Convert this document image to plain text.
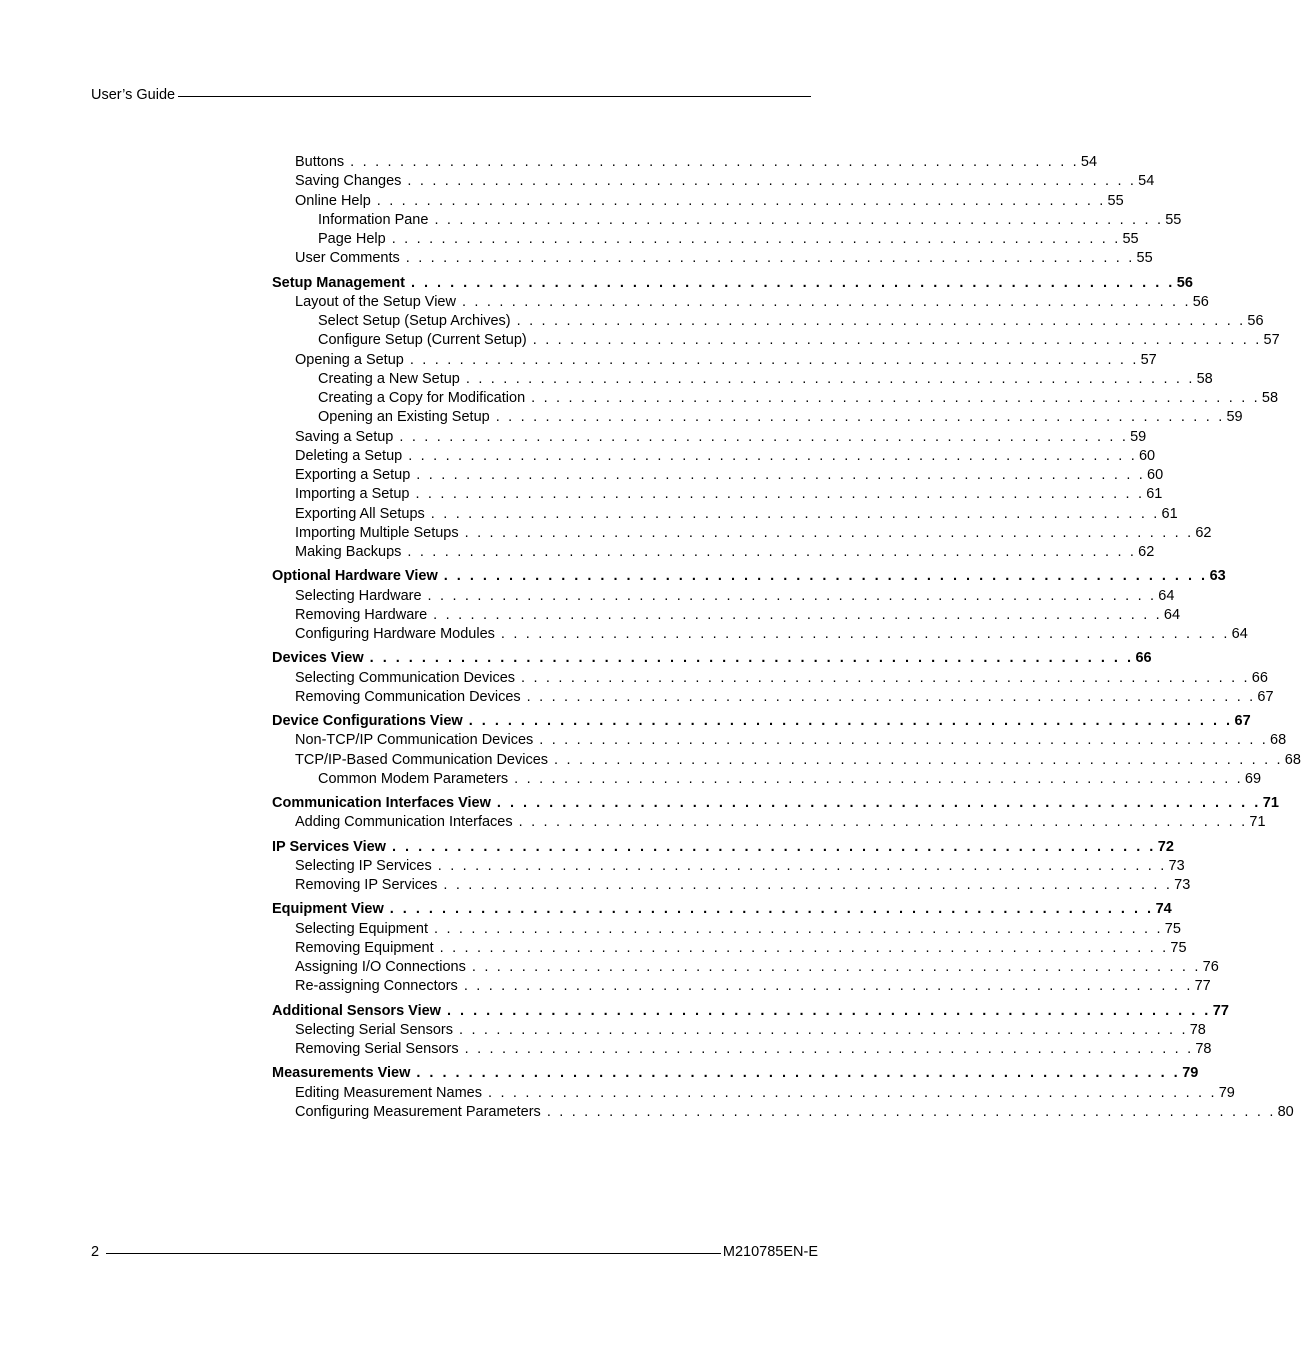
User’s Guide
Buttons . . . . . . . . . . . . . . . . . . . . . . . . . . . . . . . . . . . . . . . . . . . . . . . . . . . . . . . . . . . 54
Saving Changes . . . . . . . . . . . . . . . . . . . . . . . . . . . . . . . . . . . . . . . . . . . . . . . . . . . . . . . . . . . 54
Online Help . . . . . . . . . . . . . . . . . . . . . . . . . . . . . . . . . . . . . . . . . . . . . . . . . . . . . . . . . . . 55
Information Pane . . . . . . . . . . . . . . . . . . . . . . . . . . . . . . . . . . . . . . . . . . . . . . . . . . . . . . . . . . . 55
Page Help . . . . . . . . . . . . . . . . . . . . . . . . . . . . . . . . . . . . . . . . . . . . . . . . . . . . . . . . . . . 55
User Comments . . . . . . . . . . . . . . . . . . . . . . . . . . . . . . . . . . . . . . . . . . . . . . . . . . . . . . . . . . . 55
Setup Management . . . . . . . . . . . . . . . . . . . . . . . . . . . . . . . . . . . . . . . . . . . . . . . . . . . . . . . . . . . 56
Layout of the Setup View . . . . . . . . . . . . . . . . . . . . . . . . . . . . . . . . . . . . . . . . . . . . . . . . . . . . . . . . . . . 56
Select Setup (Setup Archives) . . . . . . . . . . . . . . . . . . . . . . . . . . . . . . . . . . . . . . . . . . . . . . . . . . . . . . . . . . . 56
Configure Setup (Current Setup) . . . . . . . . . . . . . . . . . . . . . . . . . . . . . . . . . . . . . . . . . . . . . . . . . . . . . . . . . . . 57
Opening a Setup . . . . . . . . . . . . . . . . . . . . . . . . . . . . . . . . . . . . . . . . . . . . . . . . . . . . . . . . . . . 57
Creating a New Setup . . . . . . . . . . . . . . . . . . . . . . . . . . . . . . . . . . . . . . . . . . . . . . . . . . . . . . . . . . . 58
Creating a Copy for Modification . . . . . . . . . . . . . . . . . . . . . . . . . . . . . . . . . . . . . . . . . . . . . . . . . . . . . . . . . . . 58
Opening an Existing Setup . . . . . . . . . . . . . . . . . . . . . . . . . . . . . . . . . . . . . . . . . . . . . . . . . . . . . . . . . . . 59
Saving a Setup . . . . . . . . . . . . . . . . . . . . . . . . . . . . . . . . . . . . . . . . . . . . . . . . . . . . . . . . . . . 59
Deleting a Setup . . . . . . . . . . . . . . . . . . . . . . . . . . . . . . . . . . . . . . . . . . . . . . . . . . . . . . . . . . . 60
Exporting a Setup . . . . . . . . . . . . . . . . . . . . . . . . . . . . . . . . . . . . . . . . . . . . . . . . . . . . . . . . . . . 60
Importing a Setup . . . . . . . . . . . . . . . . . . . . . . . . . . . . . . . . . . . . . . . . . . . . . . . . . . . . . . . . . . . 61
Exporting All Setups . . . . . . . . . . . . . . . . . . . . . . . . . . . . . . . . . . . . . . . . . . . . . . . . . . . . . . . . . . . 61
Importing Multiple Setups . . . . . . . . . . . . . . . . . . . . . . . . . . . . . . . . . . . . . . . . . . . . . . . . . . . . . . . . . . . 62
Making Backups . . . . . . . . . . . . . . . . . . . . . . . . . . . . . . . . . . . . . . . . . . . . . . . . . . . . . . . . . . . 62
Optional Hardware View . . . . . . . . . . . . . . . . . . . . . . . . . . . . . . . . . . . . . . . . . . . . . . . . . . . . . . . . . . . 63
Selecting Hardware . . . . . . . . . . . . . . . . . . . . . . . . . . . . . . . . . . . . . . . . . . . . . . . . . . . . . . . . . . . 64
Removing Hardware . . . . . . . . . . . . . . . . . . . . . . . . . . . . . . . . . . . . . . . . . . . . . . . . . . . . . . . . . . . 64
Configuring Hardware Modules . . . . . . . . . . . . . . . . . . . . . . . . . . . . . . . . . . . . . . . . . . . . . . . . . . . . . . . . . . . 64
Devices View . . . . . . . . . . . . . . . . . . . . . . . . . . . . . . . . . . . . . . . . . . . . . . . . . . . . . . . . . . . 66
Selecting Communication Devices . . . . . . . . . . . . . . . . . . . . . . . . . . . . . . . . . . . . . . . . . . . . . . . . . . . . . . . . . . . 66
Removing Communication Devices . . . . . . . . . . . . . . . . . . . . . . . . . . . . . . . . . . . . . . . . . . . . . . . . . . . . . . . . . . . 67
Device Configurations View . . . . . . . . . . . . . . . . . . . . . . . . . . . . . . . . . . . . . . . . . . . . . . . . . . . . . . . . . . . 67
Non-TCP/IP Communication Devices . . . . . . . . . . . . . . . . . . . . . . . . . . . . . . . . . . . . . . . . . . . . . . . . . . . . . . . . . . . 68
TCP/IP-Based Communication Devices . . . . . . . . . . . . . . . . . . . . . . . . . . . . . . . . . . . . . . . . . . . . . . . . . . . . . . . . . . . 68
Common Modem Parameters . . . . . . . . . . . . . . . . . . . . . . . . . . . . . . . . . . . . . . . . . . . . . . . . . . . . . . . . . . . 69
Communication Interfaces View . . . . . . . . . . . . . . . . . . . . . . . . . . . . . . . . . . . . . . . . . . . . . . . . . . . . . . . . . . . 71
Adding Communication Interfaces . . . . . . . . . . . . . . . . . . . . . . . . . . . . . . . . . . . . . . . . . . . . . . . . . . . . . . . . . . . 71
IP Services View . . . . . . . . . . . . . . . . . . . . . . . . . . . . . . . . . . . . . . . . . . . . . . . . . . . . . . . . . . . 72
Selecting IP Services . . . . . . . . . . . . . . . . . . . . . . . . . . . . . . . . . . . . . . . . . . . . . . . . . . . . . . . . . . . 73
Removing IP Services . . . . . . . . . . . . . . . . . . . . . . . . . . . . . . . . . . . . . . . . . . . . . . . . . . . . . . . . . . . 73
Equipment View . . . . . . . . . . . . . . . . . . . . . . . . . . . . . . . . . . . . . . . . . . . . . . . . . . . . . . . . . . . 74
Selecting Equipment . . . . . . . . . . . . . . . . . . . . . . . . . . . . . . . . . . . . . . . . . . . . . . . . . . . . . . . . . . . 75
Removing Equipment . . . . . . . . . . . . . . . . . . . . . . . . . . . . . . . . . . . . . . . . . . . . . . . . . . . . . . . . . . . 75
Assigning I/O Connections . . . . . . . . . . . . . . . . . . . . . . . . . . . . . . . . . . . . . . . . . . . . . . . . . . . . . . . . . . . 76
Re-assigning Connectors . . . . . . . . . . . . . . . . . . . . . . . . . . . . . . . . . . . . . . . . . . . . . . . . . . . . . . . . . . . 77
Additional Sensors View . . . . . . . . . . . . . . . . . . . . . . . . . . . . . . . . . . . . . . . . . . . . . . . . . . . . . . . . . . . 77
Selecting Serial Sensors . . . . . . . . . . . . . . . . . . . . . . . . . . . . . . . . . . . . . . . . . . . . . . . . . . . . . . . . . . . 78
Removing Serial Sensors . . . . . . . . . . . . . . . . . . . . . . . . . . . . . . . . . . . . . . . . . . . . . . . . . . . . . . . . . . . 78
Measurements View . . . . . . . . . . . . . . . . . . . . . . . . . . . . . . . . . . . . . . . . . . . . . . . . . . . . . . . . . . . 79
Editing Measurement Names . . . . . . . . . . . . . . . . . . . . . . . . . . . . . . . . . . . . . . . . . . . . . . . . . . . . . . . . . . . 79
Configuring Measurement Parameters . . . . . . . . . . . . . . . . . . . . . . . . . . . . . . . . . . . . . . . . . . . . . . . . . . . . . . . . . . . 80
2	M210785EN-E
